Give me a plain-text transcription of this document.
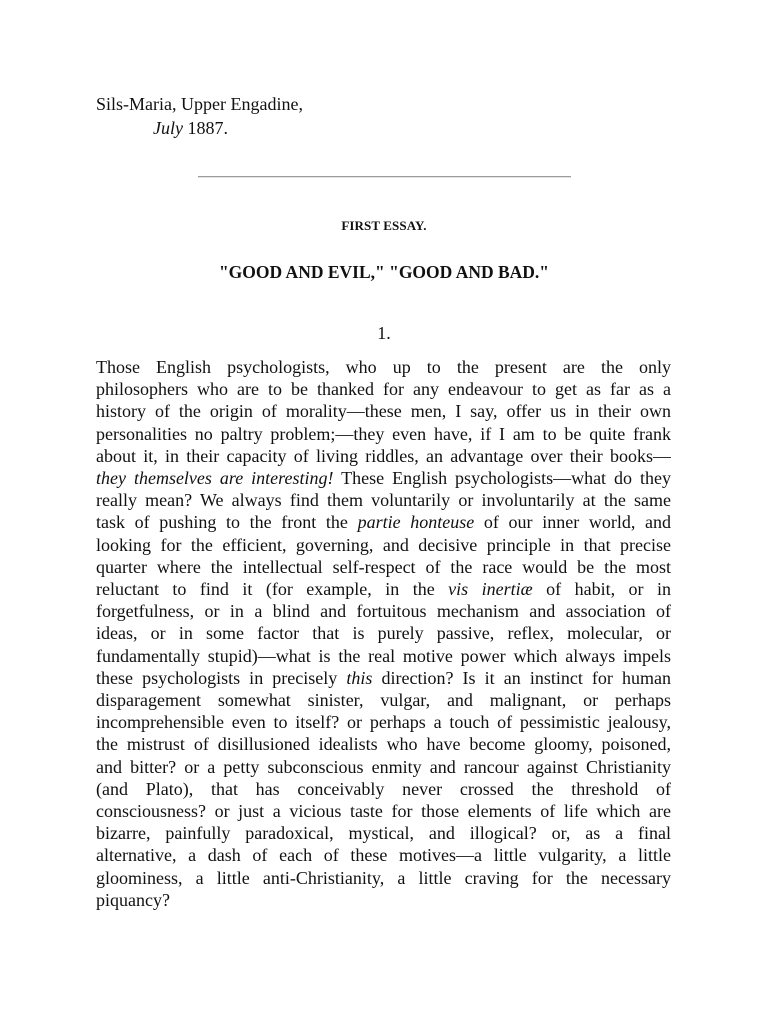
Sils-Maria, Upper Engadine,
July 1887.
FIRST ESSAY.
"GOOD AND EVIL," "GOOD AND BAD."
1.
Those English psychologists, who up to the present are the only
philosophers who are to be thanked for any endeavour to get as far as a
history of the origin of morality—these men, I say, offer us in their own
personalities no paltry problem;—they even have, if I am to be quite frank
about it, in their capacity of living riddles, an advantage over their books—
they themselves are interesting! These English psychologists—what do they
really mean? We always find them voluntarily or involuntarily at the same
task of pushing to the front the partie honteuse of our inner world, and
looking for the efficient, governing, and decisive principle in that precise
quarter where the intellectual self-respect of the race would be the most
reluctant to find it (for example, in the vis inertiæ of habit, or in
forgetfulness, or in a blind and fortuitous mechanism and association of
ideas, or in some factor that is purely passive, reflex, molecular, or
fundamentally stupid)—what is the real motive power which always impels
these psychologists in precisely this direction? Is it an instinct for human
disparagement somewhat sinister, vulgar, and malignant, or perhaps
incomprehensible even to itself? or perhaps a touch of pessimistic jealousy,
the mistrust of disillusioned idealists who have become gloomy, poisoned,
and bitter? or a petty subconscious enmity and rancour against Christianity
(and Plato), that has conceivably never crossed the threshold of
consciousness? or just a vicious taste for those elements of life which are
bizarre, painfully paradoxical, mystical, and illogical? or, as a final
alternative, a dash of each of these motives—a little vulgarity, a little
gloominess, a little anti-Christianity, a little craving for the necessary
piquancy?
